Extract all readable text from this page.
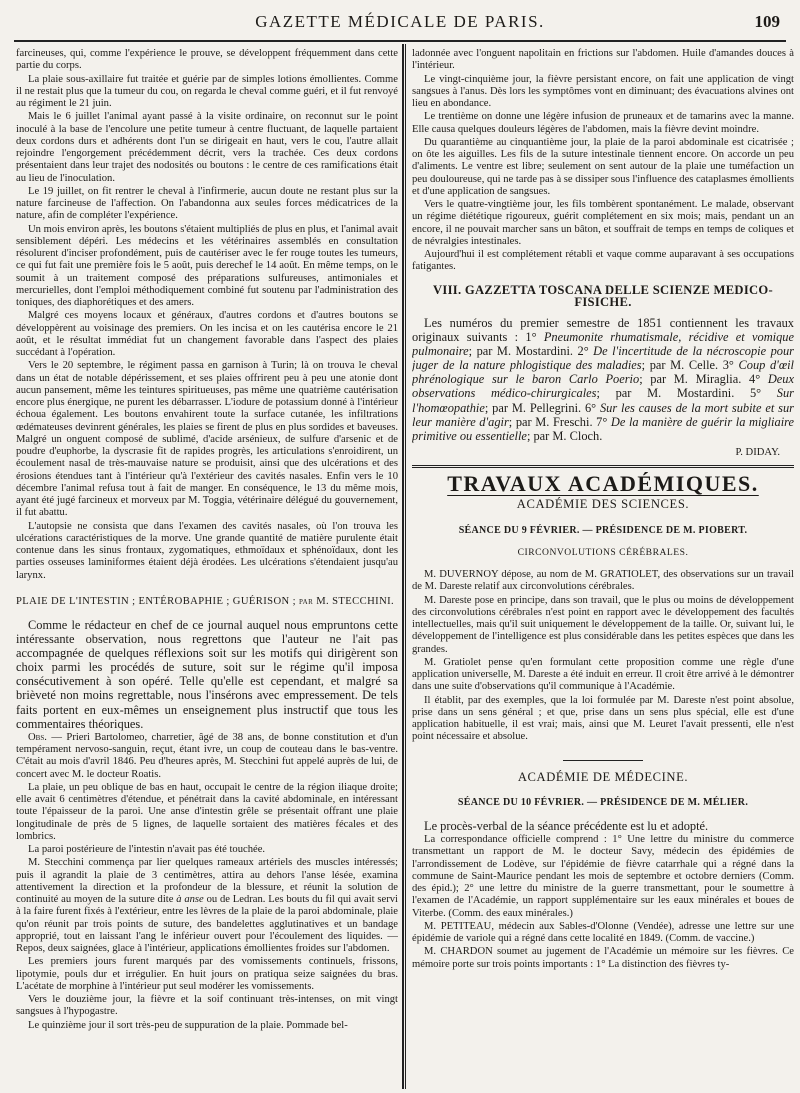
GAZETTE MÉDICALE DE PARIS.	109

farcineuses, qui, comme l'expérience le prouve, se développent fréquemment dans cette partie du corps.

La plaie sous-axillaire fut traitée et guérie par de simples lotions émollientes. Comme il ne restait plus que la tumeur du cou, on regarda le cheval comme guéri, et il fut renvoyé au régiment le 21 juin.

Mais le 6 juillet l'animal ayant passé à la visite ordinaire, on reconnut sur le point inoculé à la base de l'encolure une petite tumeur à centre fluctuant, de laquelle partaient deux cordons durs et adhérents dont l'un se dirigeait en haut, vers le cou, l'autre allait rejoindre l'engorgement précédemment décrit, vers la trachée. Ces deux cordons présentaient dans leur trajet des nodosités ou boutons : le centre de ces ramifications était au lieu de l'inoculation.

Le 19 juillet, on fit rentrer le cheval à l'infirmerie, aucun doute ne restant plus sur la nature farcineuse de l'affection. On l'abandonna aux seules forces médicatrices de la nature, afin de compléter l'expérience.

Un mois environ après, les boutons s'étaient multipliés de plus en plus, et l'animal avait sensiblement dépéri. Les médecins et les vétérinaires assemblés en consultation résolurent d'inciser profondément, puis de cautériser avec le fer rouge toutes les tumeurs, ce qui fut fait une première fois le 5 août, puis derechef le 14 août. En même temps, on le soumit à un traitement composé des préparations sulfureuses, antimoniales et mercurielles, dont l'emploi méthodiquement combiné fut soutenu par l'administration des toniques, des diaphorétiques et des amers.

Malgré ces moyens locaux et généraux, d'autres cordons et d'autres boutons se développèrent au voisinage des premiers. On les incisa et on les cautérisa encore le 21 août, et le résultat immédiat fut un changement favorable dans l'aspect des plaies succédant à l'opération.

Vers le 20 septembre, le régiment passa en garnison à Turin; là on trouva le cheval dans un état de notable dépérissement, et ses plaies offrirent peu à peu une atonie dont aucun pansement, même les teintures spiritueuses, pas même une quatrième cautérisation encore plus énergique, ne purent les débarrasser. L'iodure de potassium donné à l'intérieur échoua également. Les boutons envahirent toute la surface cutanée, les infiltrations œdémateuses devinrent générales, les plaies se firent de plus en plus sordides et baveuses. Malgré un onguent composé de sublimé, d'acide arsénieux, de sulfure d'arsenic et de poudre d'euphorbe, la dyscrasie fit de rapides progrès, les articulations s'enroidirent, un écoulement nasal de très-mauvaise nature se produisit, ainsi que des ulcérations et des érosions étendues tant à l'intérieur qu'à l'extérieur des cavités nasales. Enfin vers le 10 décembre l'animal refusa tout à fait de manger. En conséquence, le 13 du même mois, ayant été jugé farcineux et morveux par M. Toggia, vétérinaire délégué du gouvernement, il fut abattu.

L'autopsie ne consista que dans l'examen des cavités nasales, où l'on trouva les ulcérations caractéristiques de la morve. Une grande quantité de matière purulente était contenue dans les sinus frontaux, zygomatiques, ethmoïdaux et sphénoïdaux, dont les parties osseuses laminiformes étaient déjà érodées. Les ulcérations s'étendaient jusqu'au larynx.

PLAIE DE L'INTESTIN ; ENTÉROBAPHIE ; GUÉRISON ; par M. STECCHINI.

Comme le rédacteur en chef de ce journal auquel nous empruntons cette intéressante observation, nous regrettons que l'auteur ne l'ait pas accompagnée de quelques réflexions soit sur les motifs qui dirigèrent son choix parmi les procédés de suture, soit sur le régime qu'il imposa consécutivement à son opéré. Telle qu'elle est cependant, et malgré sa brièveté non moins regrettable, nous l'insérons avec empressement. De tels faits portent en eux-mêmes un enseignement plus instructif que tous les commentaires théoriques.

Obs. — Prieri Bartolomeo, charretier, âgé de 38 ans, de bonne constitution et d'un tempérament nervoso-sanguin, reçut, étant ivre, un coup de couteau dans le bas-ventre. C'était au mois d'avril 1846. Peu d'heures après, M. Stecchini fut appelé auprès de lui, de concert avec M. le docteur Roatis.

La plaie, un peu oblique de bas en haut, occupait le centre de la région iliaque droite; elle avait 6 centimètres d'étendue, et pénétrait dans la cavité abdominale, en intéressant toute l'épaisseur de la paroi. Une anse d'intestin grêle se présentait offrant une plaie longitudinale de près de 5 lignes, de laquelle sortaient des matières fécales et des lombrics.

La paroi postérieure de l'intestin n'avait pas été touchée.

M. Stecchini commença par lier quelques rameaux artériels des muscles intéressés; puis il agrandit la plaie de 3 centimètres, attira au dehors l'anse lésée, examina attentivement la direction et la profondeur de la blessure, et réunit la solution de continuité au moyen de la suture dite à anse ou de Ledran. Les bouts du fil qui avait servi à la faire furent fixés à l'extérieur, entre les lèvres de la plaie de la paroi abdominale, plaie qu'on réunit par trois points de suture, des bandelettes agglutinatives et un bandage approprié, tout en laissant l'ang le inférieur ouvert pour l'écoulement des liquides. — Repos, deux saignées, glace à l'intérieur, applications émollientes froides sur l'abdomen.

Les premiers jours furent marqués par des vomissements continuels, frissons, lipotymie, pouls dur et irrégulier. En huit jours on pratiqua seize saignées du bras. L'acétate de morphine à l'intérieur put seul modérer les vomissements.

Vers le douzième jour, la fièvre et la soif continuant très-intenses, on mit vingt sangsues à l'hypogastre.

Le quinzième jour il sort très-peu de suppuration de la plaie. Pommade bel-

ladonnée avec l'onguent napolitain en frictions sur l'abdomen. Huile d'amandes douces à l'intérieur.

Le vingt-cinquième jour, la fièvre persistant encore, on fait une application de vingt sangsues à l'anus. Dès lors les symptômes vont en diminuant; des évacuations alvines ont lieu en abondance.

Le trentième on donne une légère infusion de pruneaux et de tamarins avec la manne. Elle causa quelques douleurs légères de l'abdomen, mais la fièvre devint moindre.

Du quarantième au cinquantième jour, la plaie de la paroi abdominale est cicatrisée ; on ôte les aiguilles. Les fils de la suture intestinale tiennent encore. On accorde un peu d'aliments. Le ventre est libre; seulement on sent autour de la plaie une tuméfaction un peu douloureuse, qui ne tarde pas à se dissiper sous l'influence des cataplasmes émollients et d'une application de sangsues.

Vers le quatre-vingtième jour, les fils tombèrent spontanément. Le malade, observant un régime diététique rigoureux, guérit complétement en six mois; mais, pendant un an encore, il ne pouvait marcher sans un bâton, et souffrait de temps en temps de coliques et de névralgies intestinales.

Aujourd'hui il est complétement rétabli et vaque comme auparavant à ses occupations fatigantes.

VIII. GAZZETTA TOSCANA DELLE SCIENZE MEDICO-FISICHE.

Les numéros du premier semestre de 1851 contiennent les travaux originaux suivants : 1° Pneumonite rhumatismale, récidive et vomique pulmonaire; par M. Mostardini. 2° De l'incertitude de la nécroscopie pour juger de la nature phlogistique des maladies; par M. Celle. 3° Coup d'œil phrénologique sur le baron Carlo Poerio; par M. Miraglia. 4° Deux observations médico-chirurgicales; par M. Mostardini. 5° Sur l'homœopathie; par M. Pellegrini. 6° Sur les causes de la mort subite et sur leur manière d'agir; par M. Freschi. 7° De la manière de guérir la migliaire primitive ou essentielle; par M. Cloch.

P. DIDAY.

TRAVAUX ACADÉMIQUES.

ACADÉMIE DES SCIENCES.

SÉANCE DU 9 FÉVRIER. — PRÉSIDENCE DE M. PIOBERT.

CIRCONVOLUTIONS CÉRÉBRALES.

M. DUVERNOY dépose, au nom de M. GRATIOLET, des observations sur un travail de M. Dareste relatif aux circonvolutions cérébrales.

M. Dareste pose en principe, dans son travail, que le plus ou moins de développement des circonvolutions cérébrales n'est point en rapport avec le développement des facultés intellectuelles, mais qu'il suit uniquement le développement de la taille. Or, suivant lui, le développement de l'intelligence est plus considérable dans les petites espèces que dans les grandes.

M. Gratiolet pense qu'en formulant cette proposition comme une règle d'une application universelle, M. Dareste a été induit en erreur. Il croit être arrivé à le démontrer dans une suite d'observations qu'il communique à l'Académie.

Il établit, par des exemples, que la loi formulée par M. Dareste n'est point absolue, prise dans un sens général ; et que, prise dans un sens plus spécial, elle est d'une application habituelle, il est vrai; mais, ainsi que M. Leuret l'avait pressenti, elle n'est point nécessaire et absolue.

ACADÉMIE DE MÉDECINE.

SÉANCE DU 10 FÉVRIER. — PRÉSIDENCE DE M. MÉLIER.

Le procès-verbal de la séance précédente est lu et adopté.

La correspondance officielle comprend : 1° Une lettre du ministre du commerce transmettant un rapport de M. le docteur Savy, médecin des épidémies de l'arrondissement de Lodève, sur l'épidémie de fièvre catarrhale qui a régné dans la commune de Saint-Maurice pendant les mois de septembre et octobre derniers (Comm. des épid.); 2° une lettre du ministre de la guerre transmettant, pour le soumettre à l'examen de l'Académie, un rapport supplémentaire sur les eaux minérales et boues de Viterbe. (Comm. des eaux minérales.)

M. PETITEAU, médecin aux Sables-d'Olonne (Vendée), adresse une lettre sur une épidémie de variole qui a régné dans cette localité en 1849. (Comm. de vaccine.)

M. CHARDON soumet au jugement de l'Académie un mémoire sur les fièvres. Ce mémoire porte sur trois points importants : 1° La distinction des fièvres ty-
